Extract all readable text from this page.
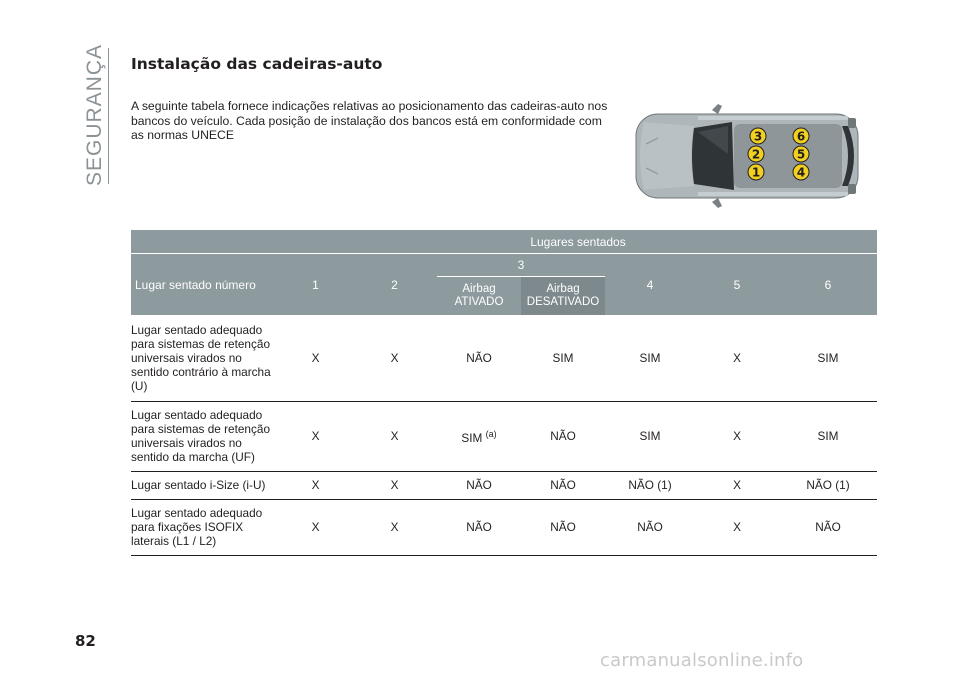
SEGURANÇA Instalação das cadeiras-auto

A seguinte tabela fornece indicações relativas ao posicionamento das cadeiras-auto nos bancos do veículo. Cada posição de instalação dos bancos está em conformidade com as normas UNECE	3	6
2	5
1	4
	Lugares sentados						
Lugar sentado número	1	2	3		4	5	6
			Airbag ATIVADO	Airbag DESATIVADO			
Lugar sentado adequado para sistemas de retenção universais virados no sentido contrário à marcha (U)	X	X	NÃO	SIM	SIM	X	SIM
Lugar sentado adequado para sistemas de retenção universais virados no sentido da marcha (UF)	X	X	SIM $^{(a)}$	NÃO	SIM	X	SIM
Lugar sentado i-Size (i-U)	X	X	NÃO	NÃO	NÃO (1)	X	NÃO (1)
Lugar sentado adequado para fixações ISOFIX laterais (L1 / L2)	X	X	NÃO	NÃO	NÃO	X	NÃO

82

carmanualsonline.info
